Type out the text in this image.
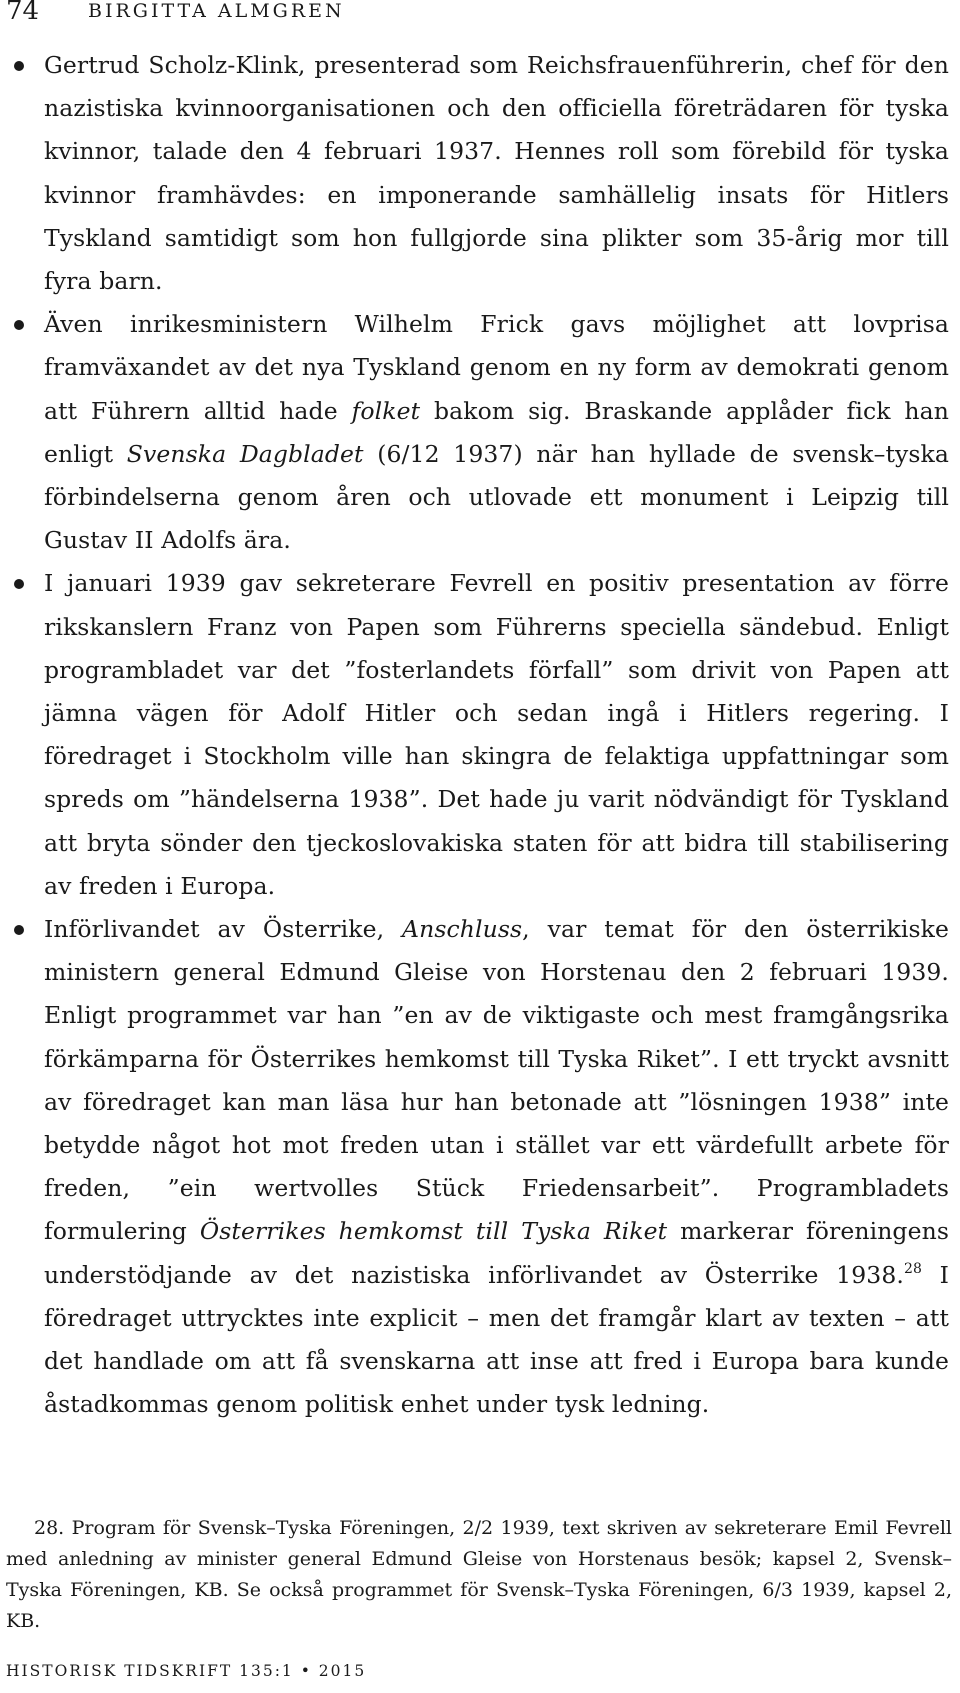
74	BIRGITTA ALMGREN
Gertrud Scholz-Klink, presenterad som Reichsfrauenführerin, chef för den nazistiska kvinnoorganisationen och den officiella företrädaren för tyska kvinnor, talade den 4 februari 1937. Hennes roll som förebild för tyska kvinnor framhävdes: en imponerande samhällelig insats för Hitlers Tyskland samtidigt som hon fullgjorde sina plikter som 35-årig mor till fyra barn.
Även inrikesministern Wilhelm Frick gavs möjlighet att lovprisa framväxandet av det nya Tyskland genom en ny form av demokrati genom att Führern alltid hade folket bakom sig. Braskande applåder fick han enligt Svenska Dagbladet (6/12 1937) när han hyllade de svensk–tyska förbindelserna genom åren och utlovade ett monument i Leipzig till Gustav II Adolfs ära.
I januari 1939 gav sekreterare Fevrell en positiv presentation av förre rikskanslern Franz von Papen som Führerns speciella sändebud. Enligt programbladet var det ”fosterlandets förfall” som drivit von Papen att jämna vägen för Adolf Hitler och sedan ingå i Hitlers regering. I föredraget i Stockholm ville han skingra de felaktiga uppfattningar som spreds om ”händelserna 1938”. Det hade ju varit nödvändigt för Tyskland att bryta sönder den tjeckoslovakiska staten för att bidra till stabilisering av freden i Europa.
Införlivandet av Österrike, Anschluss, var temat för den österrikiske ministern general Edmund Gleise von Horstenau den 2 februari 1939. Enligt programmet var han ”en av de viktigaste och mest framgångsrika förkämparna för Österrikes hemkomst till Tyska Riket”. I ett tryckt avsnitt av föredraget kan man läsa hur han betonade att ”lösningen 1938” inte betydde något hot mot freden utan i stället var ett värdefullt arbete för freden, ”ein wertvolles Stück Friedensarbeit”. Programbladets formulering Österrikes hemkomst till Tyska Riket markerar föreningens understödjande av det nazistiska införlivandet av Österrike 1938.28 I föredraget uttrycktes inte explicit – men det framgår klart av texten – att det handlade om att få svenskarna att inse att fred i Europa bara kunde åstadkommas genom politisk enhet under tysk ledning.
28. Program för Svensk–Tyska Föreningen, 2/2 1939, text skriven av sekreterare Emil Fevrell med anledning av minister general Edmund Gleise von Horstenaus besök; kapsel 2, Svensk–Tyska Föreningen, KB. Se också programmet för Svensk–Tyska Föreningen, 6/3 1939, kapsel 2, KB.
HISTORISK TIDSKRIFT 135:1 • 2015
